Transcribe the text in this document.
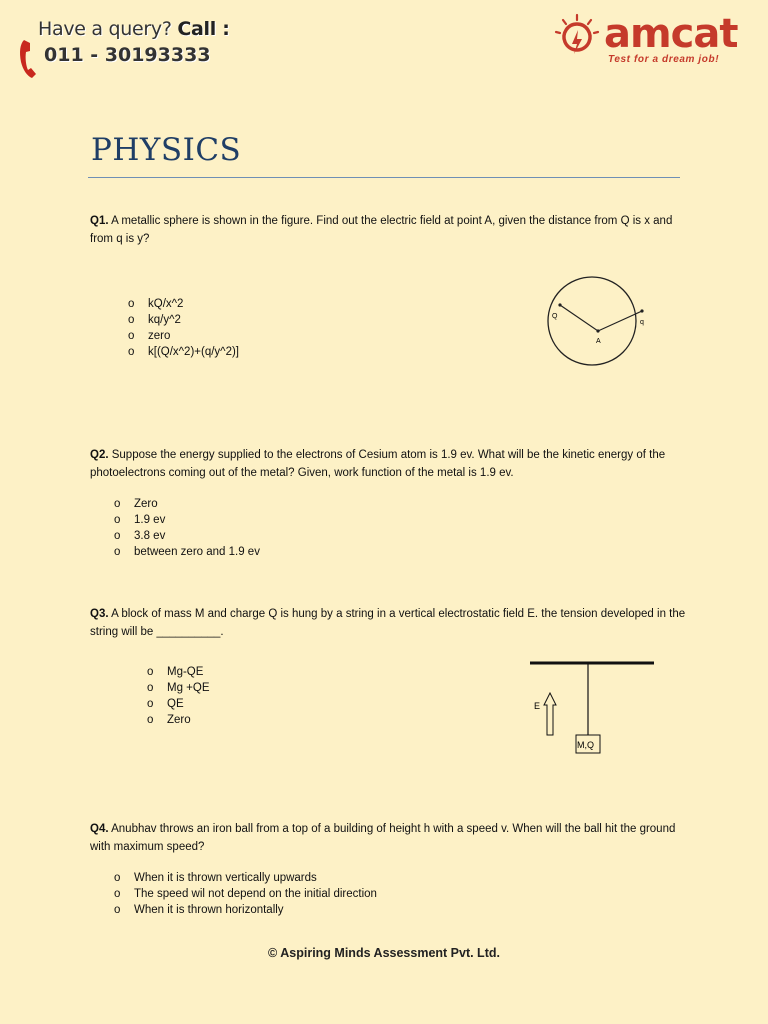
Have a query? Call :
011 - 30193333	amcat
Test for a dream job!
PHYSICS
Q1. A metallic sphere is shown in the figure. Find out the electric field at point A, given the distance from Q is x and from q is y?
o	kQ/x^2
o	kq/y^2
o	zero
o	k[(Q/x^2)+(q/y^2)]
Q
q
A
Q2. Suppose the energy supplied to the electrons of Cesium atom is 1.9 ev. What will be the kinetic energy of the photoelectrons coming out of the metal? Given, work function of the metal is 1.9 ev.
o	Zero
o	1.9 ev
o	3.8 ev
o	between zero and 1.9 ev
Q3. A block of mass M and charge Q is hung by a string in a vertical electrostatic field E. the tension developed in the string will be __________.
o	Mg-QE
o	Mg +QE
o	QE
o	Zero
M,Q
E
Q4. Anubhav throws an iron ball from a top of a building of height h with a speed v. When will the ball hit the ground with maximum speed?
o	When it is thrown vertically upwards
o	The speed wil not depend on the initial direction
o	When it is thrown horizontally
© Aspiring Minds Assessment Pvt. Ltd.
